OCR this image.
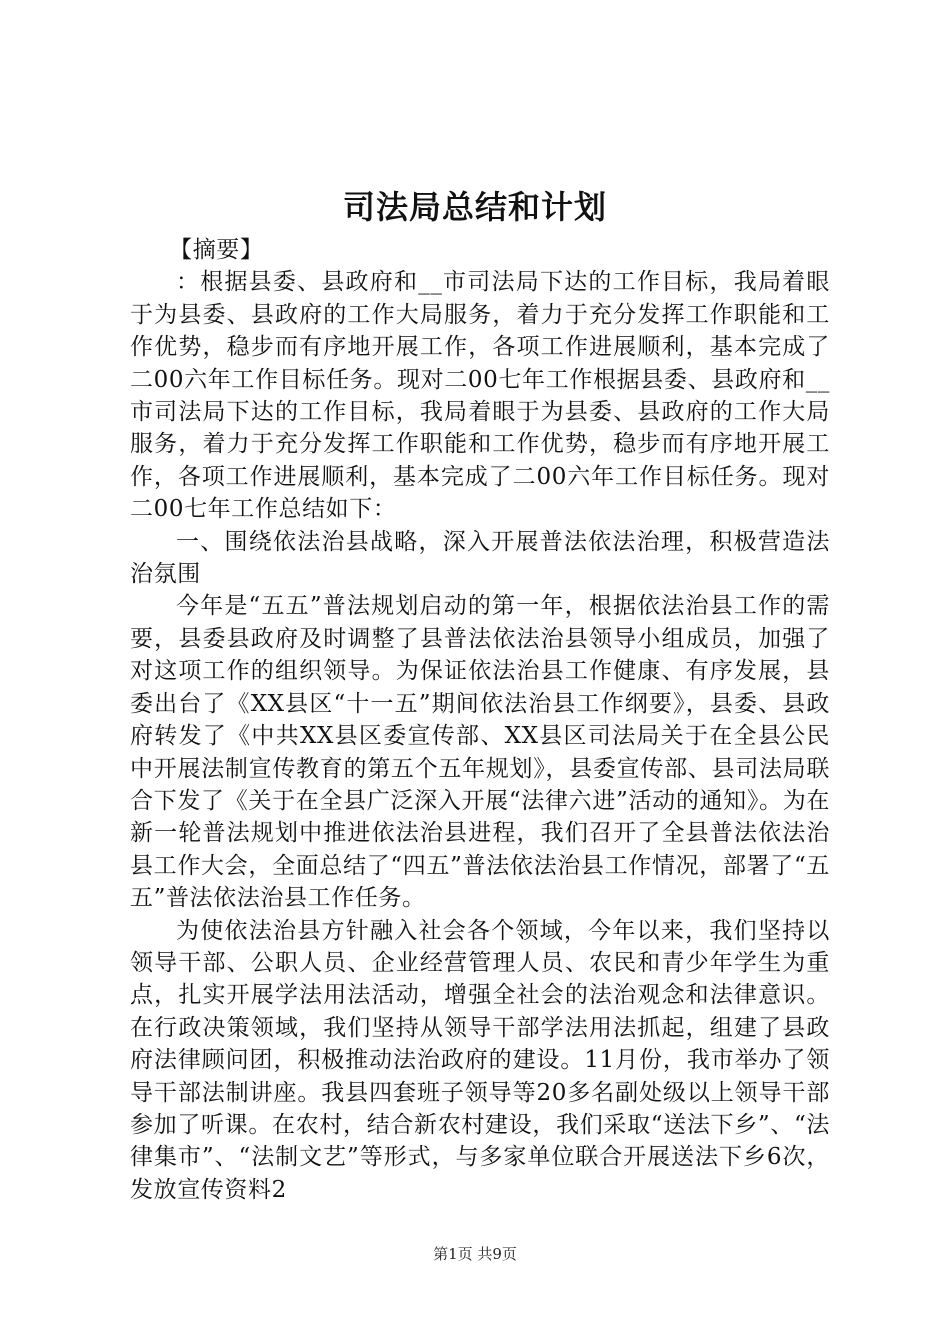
司法局总结和计划

【摘要】

：根据县委、县政府和__市司法局下达的工作目标，我局着眼于为县委、县政府的工作大局服务，着力于充分发挥工作职能和工作优势，稳步而有序地开展工作，各项工作进展顺利，基本完成了二00六年工作目标任务。现对二00七年工作根据县委、县政府和__市司法局下达的工作目标，我局着眼于为县委、县政府的工作大局服务，着力于充分发挥工作职能和工作优势，稳步而有序地开展工作，各项工作进展顺利，基本完成了二00六年工作目标任务。现对二00七年工作总结如下：

一、围绕依法治县战略，深入开展普法依法治理，积极营造法治氛围

今年是“五五”普法规划启动的第一年，根据依法治县工作的需要，县委县政府及时调整了县普法依法治县领导小组成员，加强了对这项工作的组织领导。为保证依法治县工作健康、有序发展，县委出台了《XX县区“十一五”期间依法治县工作纲要》，县委、县政府转发了《中共XX县区委宣传部、XX县区司法局关于在全县公民中开展法制宣传教育的第五个五年规划》，县委宣传部、县司法局联合下发了《关于在全县广泛深入开展“法律六进”活动的通知》。为在新一轮普法规划中推进依法治县进程，我们召开了全县普法依法治县工作大会，全面总结了“四五”普法依法治县工作情况，部署了“五五”普法依法治县工作任务。

为使依法治县方针融入社会各个领域，今年以来，我们坚持以领导干部、公职人员、企业经营管理人员、农民和青少年学生为重点，扎实开展学法用法活动，增强全社会的法治观念和法律意识。在行政决策领域，我们坚持从领导干部学法用法抓起，组建了县政府法律顾问团，积极推动法治政府的建设。11月份，我市举办了领导干部法制讲座。我县四套班子领导等20多名副处级以上领导干部参加了听课。在农村，结合新农村建设，我们采取“送法下乡”、“法律集市”、“法制文艺”等形式，与多家单位联合开展送法下乡6次，发放宣传资料2

第1页 共9页
